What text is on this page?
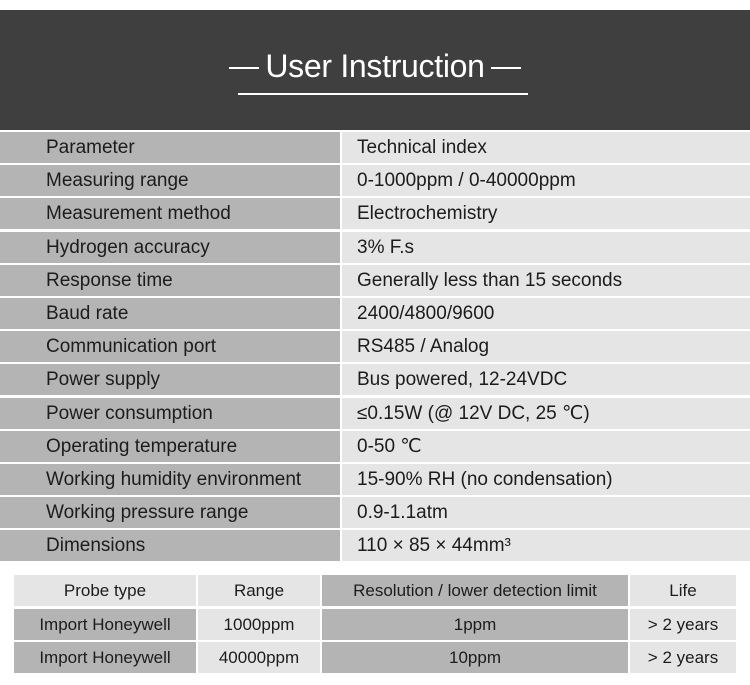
User Instruction
Parameter	Technical index
Measuring range	0-1000ppm / 0-40000ppm
Measurement method	Electrochemistry
Hydrogen accuracy	3% F.s
Response time	Generally less than 15 seconds
Baud rate	2400/4800/9600
Communication port	RS485 / Analog
Power supply	Bus powered, 12-24VDC
Power consumption	≤0.15W (@ 12V DC, 25 ℃)
Operating temperature	0-50 ℃
Working humidity environment	15-90% RH (no condensation)
Working pressure range	0.9-1.1atm
Dimensions	110 × 85 × 44mm³
Probe type	Range	Resolution / lower detection limit	Life
Import Honeywell	1000ppm	1ppm	> 2 years
Import Honeywell	40000ppm	10ppm	> 2 years
